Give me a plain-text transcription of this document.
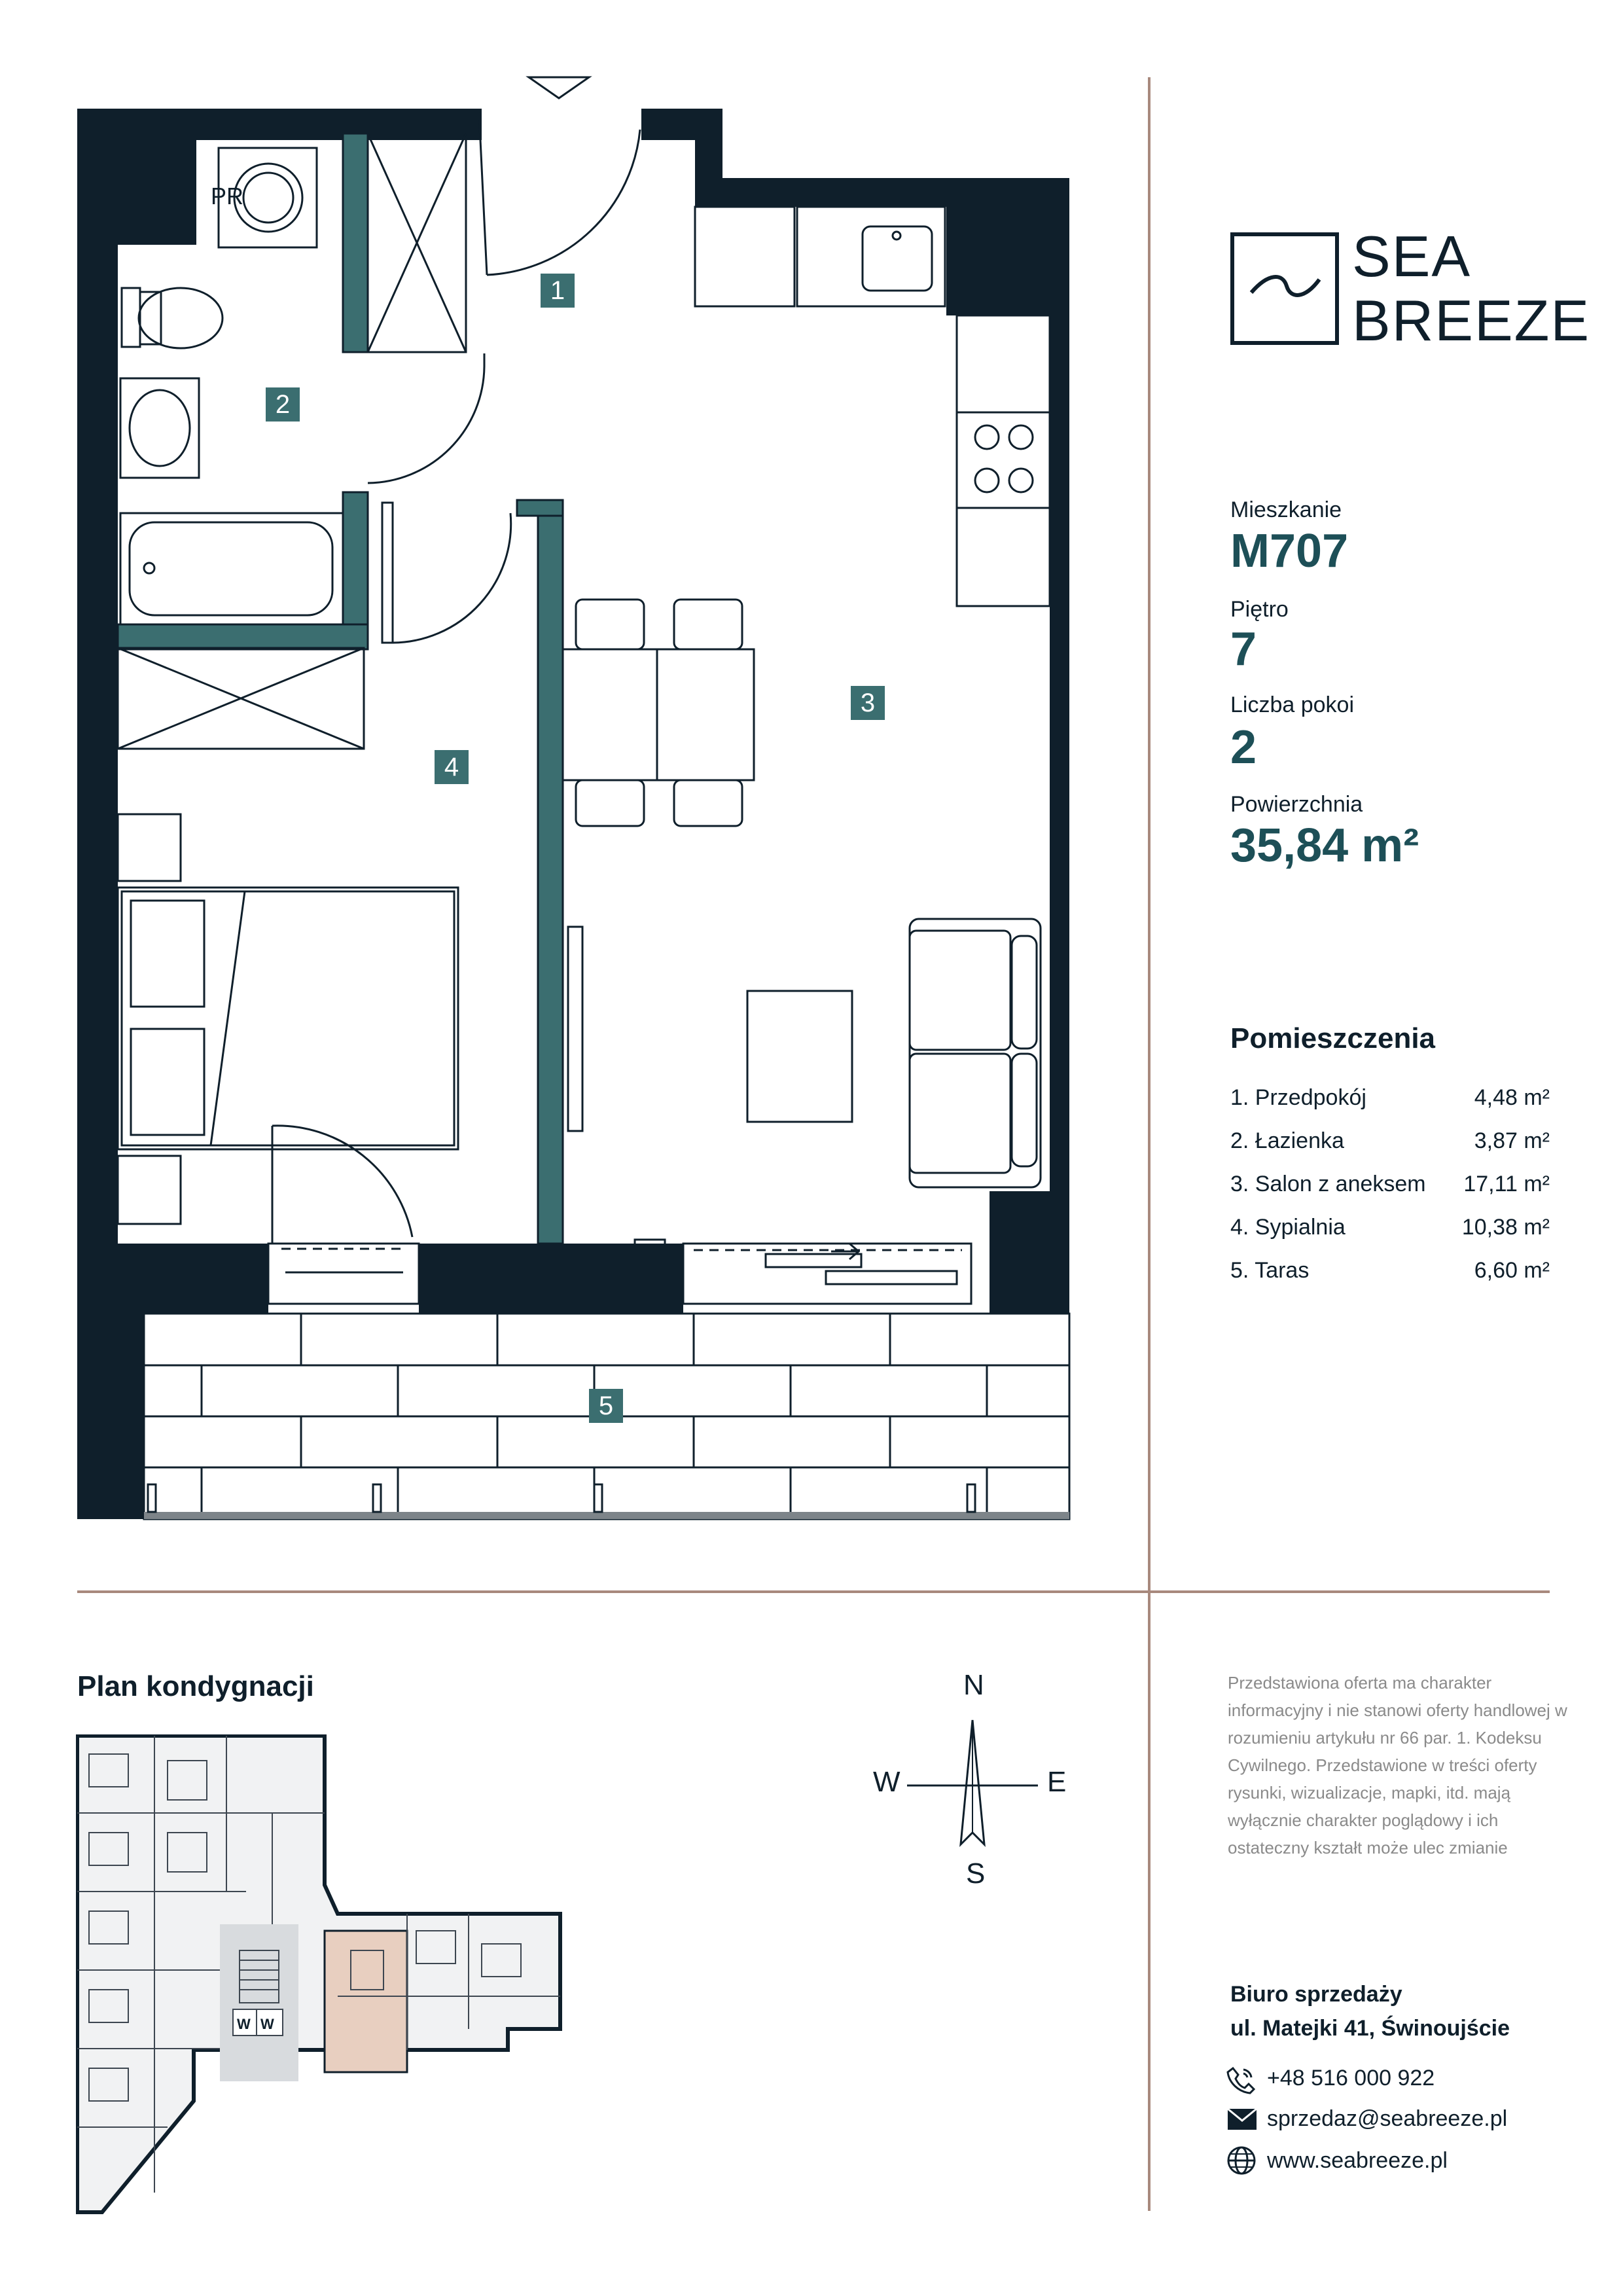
PR
1
2
3
4
5
SEA
BREEZE
Mieszkanie
M707
Piętro
7
Liczba pokoi
2
Powierzchnia
35,84 m²
Pomieszczenia
1. Przedpokój	4,48 m²
2. Łazienka	3,87 m²
3. Salon z aneksem 17,11 m²
4. Sypialnia	10,38 m²
5. Taras	6,60 m²
Plan kondygnacji
W W
N
S
W	E
Przedstawiona oferta ma charakter informacyjny i nie stanowi oferty handlowej w rozumieniu artykułu nr 66 par. 1. Kodeksu Cywilnego. Przedstawione w treści oferty rysunki, wizualizacje, mapki, itd. mają wyłącznie charakter poglądowy i ich ostateczny kształt może ulec zmianie
Biuro sprzedaży
ul. Matejki 41, Świnoujście
+48 516 000 922
sprzedaz@seabreeze.pl
www.seabreeze.pl
